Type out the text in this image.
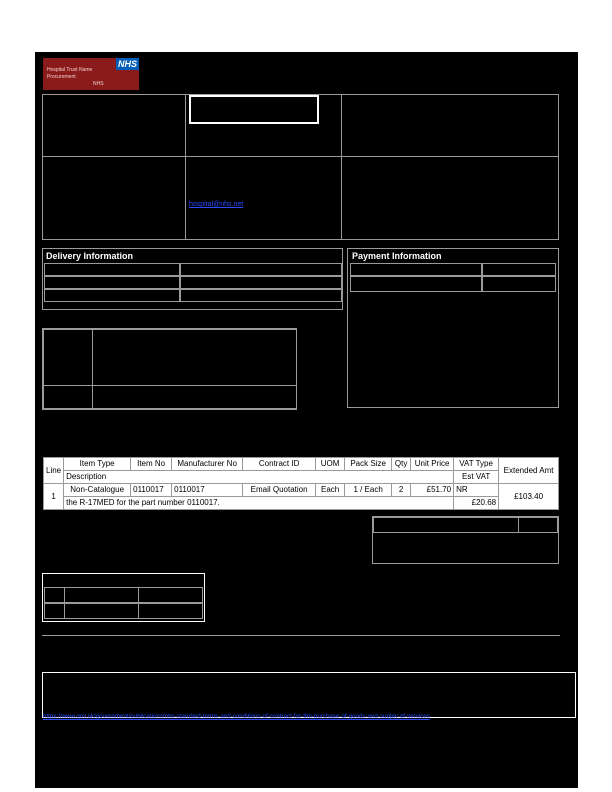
NHS
Hospital Trust Name
Procurement
NHS
hospital@nhs.net
Delivery Information	Payment Information
Line	Item Type	Item No	Manufacturer No	Contract ID	UOM	Pack Size	Qty	Unit Price	VAT Type	Extended Amt
	Description								Est VAT	
1	Non-Catalogue	0110017	0110017	Email Quotation	Each	1 / Each	2	£51.70	NR	£103.40
	the R-17MED for the part number 0110017.								£20.68	
https://www.gov.uk/government/publications/nhs-standard-terms-and-conditions-of-contract-for-the-purchase-of-goods-and-supply-of-services
